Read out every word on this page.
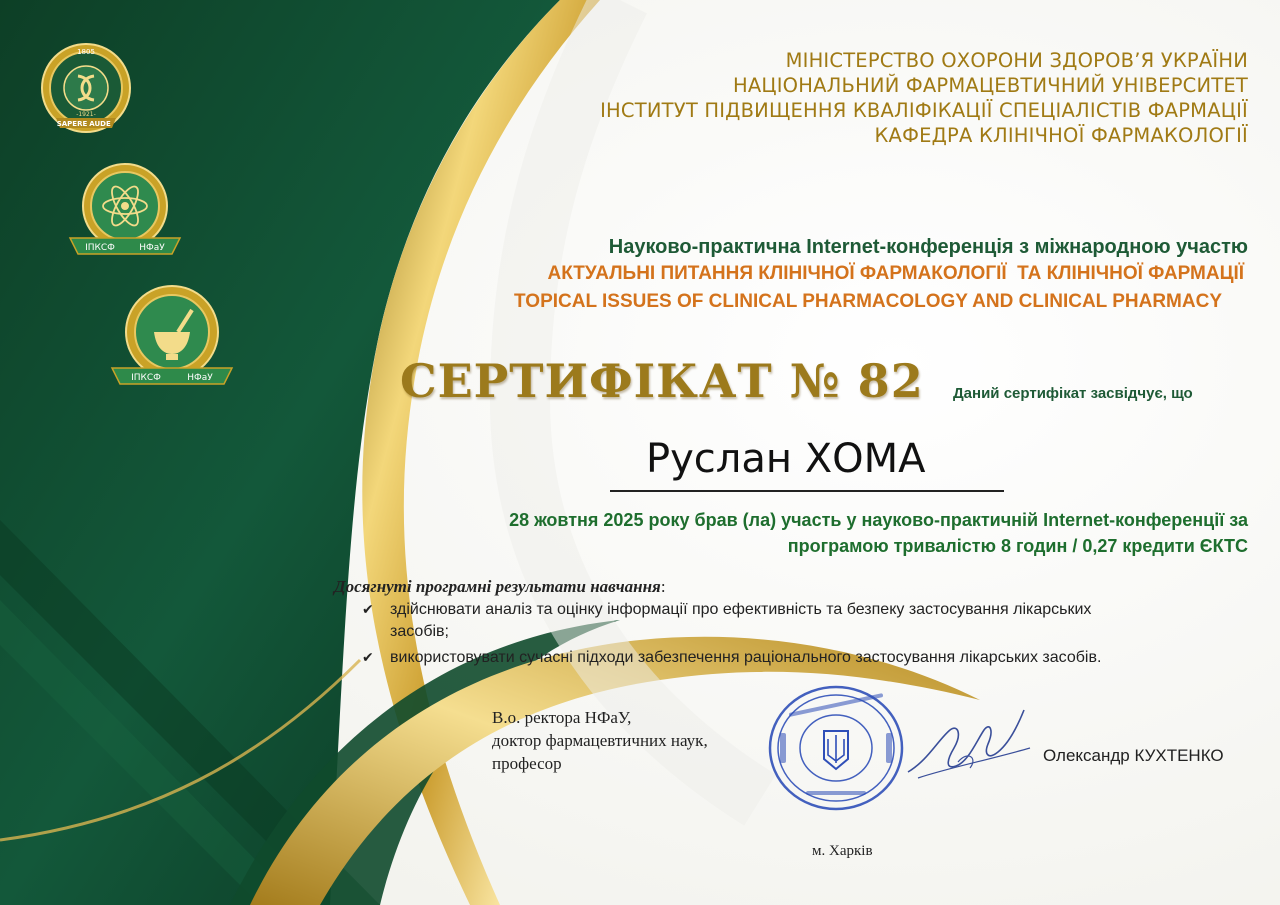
1805
-1921-
SAPERE AUDE
ІПКСФ	НФаУ
ІПКСФ	НФаУ
МІНІСТЕРСТВО ОХОРОНИ ЗДОРОВ’Я УКРАЇНИ
НАЦІОНАЛЬНИЙ ФАРМАЦЕВТИЧНИЙ УНІВЕРСИТЕТ
ІНСТИТУТ ПІДВИЩЕННЯ КВАЛІФІКАЦІЇ СПЕЦІАЛІСТІВ ФАРМАЦІЇ
КАФЕДРА КЛІНІЧНОЇ ФАРМАКОЛОГІЇ
Науково-практична Internet-конференція з міжнародною участю
АКТУАЛЬНІ ПИТАННЯ КЛІНІЧНОЇ ФАРМАКОЛОГІЇ  ТА КЛІНІЧНОЇ ФАРМАЦІЇ
TOPICAL ISSUES OF CLINICAL PHARMACOLOGY AND CLINICAL PHARMACY
СЕРТИФІКАТ № 82 Даний сертифікат засвідчує, що
Руслан ХОМА
28 жовтня 2025 року брав (ла) участь у науково-практичній Internet-конференції за
програмою тривалістю 8 годин / 0,27 кредити ЄКТС
Досягнуті програмні результати навчання:
✔ здійснювати аналіз та оцінку інформації про ефективність та безпеку застосування лікарських
засобів;
✔ використовувати сучасні підходи забезпечення раціонального застосування лікарських засобів.
В.о. ректора НФаУ,
доктор фармацевтичних наук,
професор	Олександр КУХТЕНКО
м. Харків
